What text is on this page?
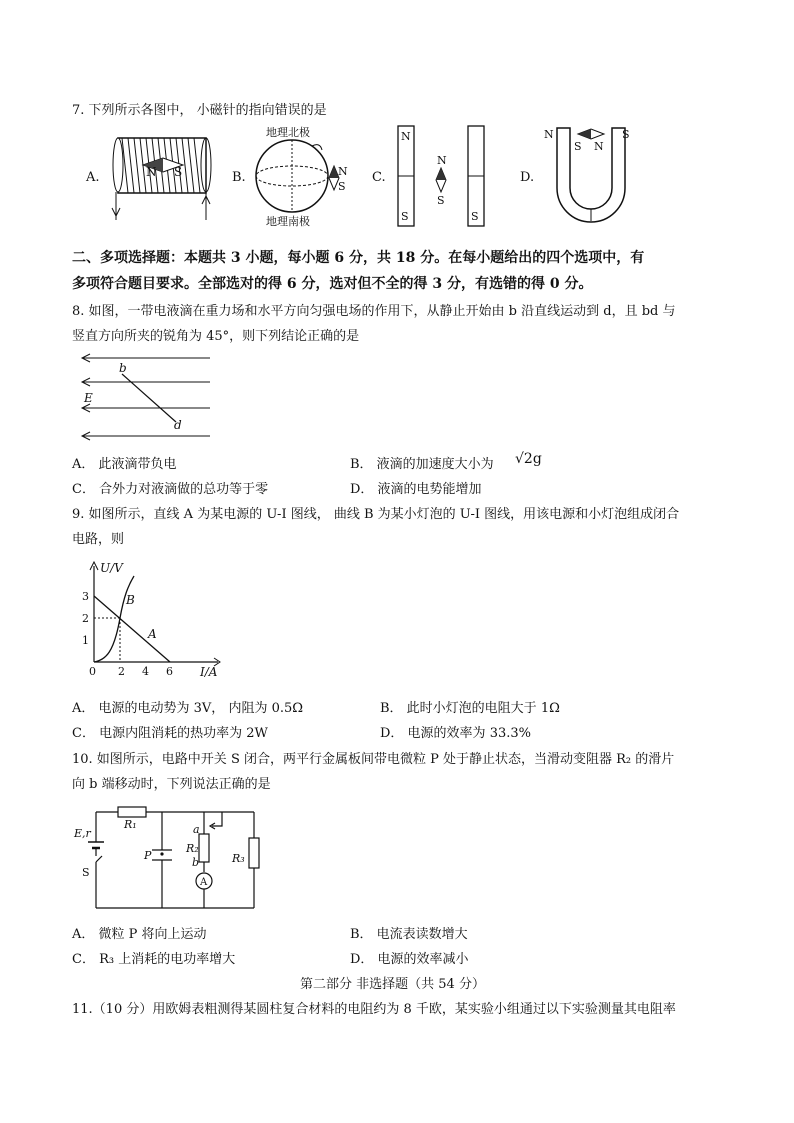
7. 下列所示各图中， 小磁针的指向错误的是
A.	N S	B.
地理北极
N
S
地理南极
C.
N
S
N
S
S
D.
N	S
S N
二、多项选择题：本题共 3 小题，每小题 6 分，共 18 分。在每小题给出的四个选项中，有
多项符合题目要求。全部选对的得 6 分，选对但不全的得 3 分，有选错的得 0 分。
8. 如图，一带电液滴在重力场和水平方向匀强电场的作用下，从静止开始由 b 沿直线运动到 d，且 bd 与
竖直方向所夹的锐角为 45°，则下列结论正确的是
b
d
E
A． 此液滴带负电	B． 液滴的加速度大小为 √2g
C． 合外力对液滴做的总功等于零	D． 液滴的电势能增加
9. 如图所示，直线 A 为某电源的 U-I 图线， 曲线 B 为某小灯泡的 U-I 图线，用该电源和小灯泡组成闭合
电路，则
U/V
I/A
3
2
1
0 2 4 6
B
A
A． 电源的电动势为 3V， 内阻为 0.5Ω	B． 此时小灯泡的电阻大于 1Ω
C． 电源内阻消耗的热功率为 2W	D． 电源的效率为 33.3%
10. 如图所示，电路中开关 S 闭合，两平行金属板间带电微粒 P 处于静止状态，当滑动变阻器 R₂ 的滑片
向 b 端移动时，下列说法正确的是
E,r
S
R₁
P
a
R₂
b
A
R₃
A． 微粒 P 将向上运动	B． 电流表读数增大
C． R₃ 上消耗的电功率增大	D． 电源的效率减小
第二部分 非选择题（共 54 分）
11.（10 分）用欧姆表粗测得某圆柱复合材料的电阻约为 8 千欧，某实验小组通过以下实验测量其电阻率
